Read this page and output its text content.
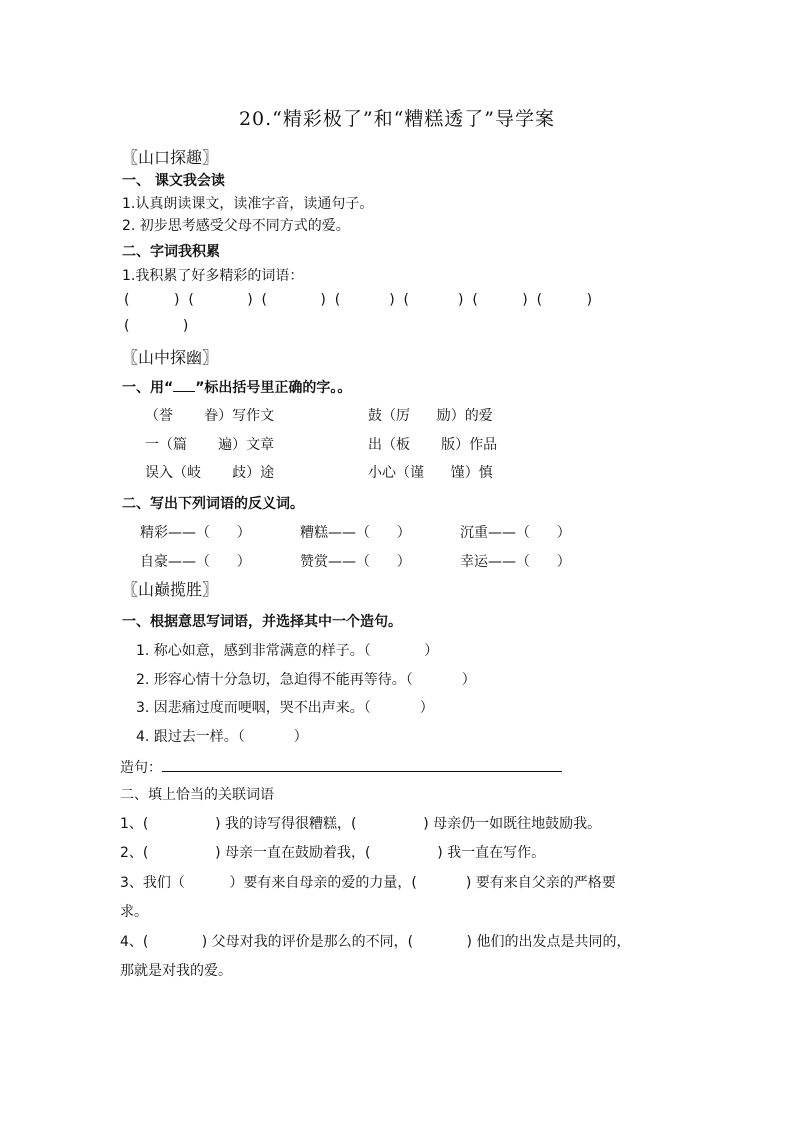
20.“精彩极了”和“糟糕透了”导学案
〖山口探趣〗
一、 课文我会读
1.认真朗读课文，读准字音，读通句子。
2. 初步思考感受父母不同方式的爱。
二、字词我积累
1.我积累了好多精彩的词语：
(          )  (            )  (            )  (           )  (           )  (          )  (          )
(            )
〖山中探幽〗
一、用“ ”标出括号里正确的字。。
（誉       眷）写作文	鼓（厉      励）的爱
一（篇       遍）文章	出（板       版）作品
误入（岐       歧）途	小心（谨      馑）慎
二、写出下列词语的反义词。
精彩——（      ）	糟糕——（      ）	沉重——（      ）
自豪——（      ）	赞赏——（      ）	幸运——（      ）
〖山巅揽胜〗
一、根据意思写词语，并选择其中一个造句。
1. 称心如意，感到非常满意的样子。（            ）
2. 形容心情十分急切，急迫得不能再等待。（           ）
3. 因悲痛过度而哽咽，哭不出声来。（           ）
4. 跟过去一样。（           ）
造句：
二、填上恰当的关联词语
1、(               ) 我的诗写得很糟糕，(               ) 母亲仍一如既往地鼓励我。
2、(               ) 母亲一直在鼓励着我，(               ) 我一直在写作。
3、我们（          ）要有来自母亲的爱的力量，(           ) 要有来自父亲的严格要
求。
4、(            ) 父母对我的评价是那么的不同，(            ) 他们的出发点是共同的，
那就是对我的爱。
